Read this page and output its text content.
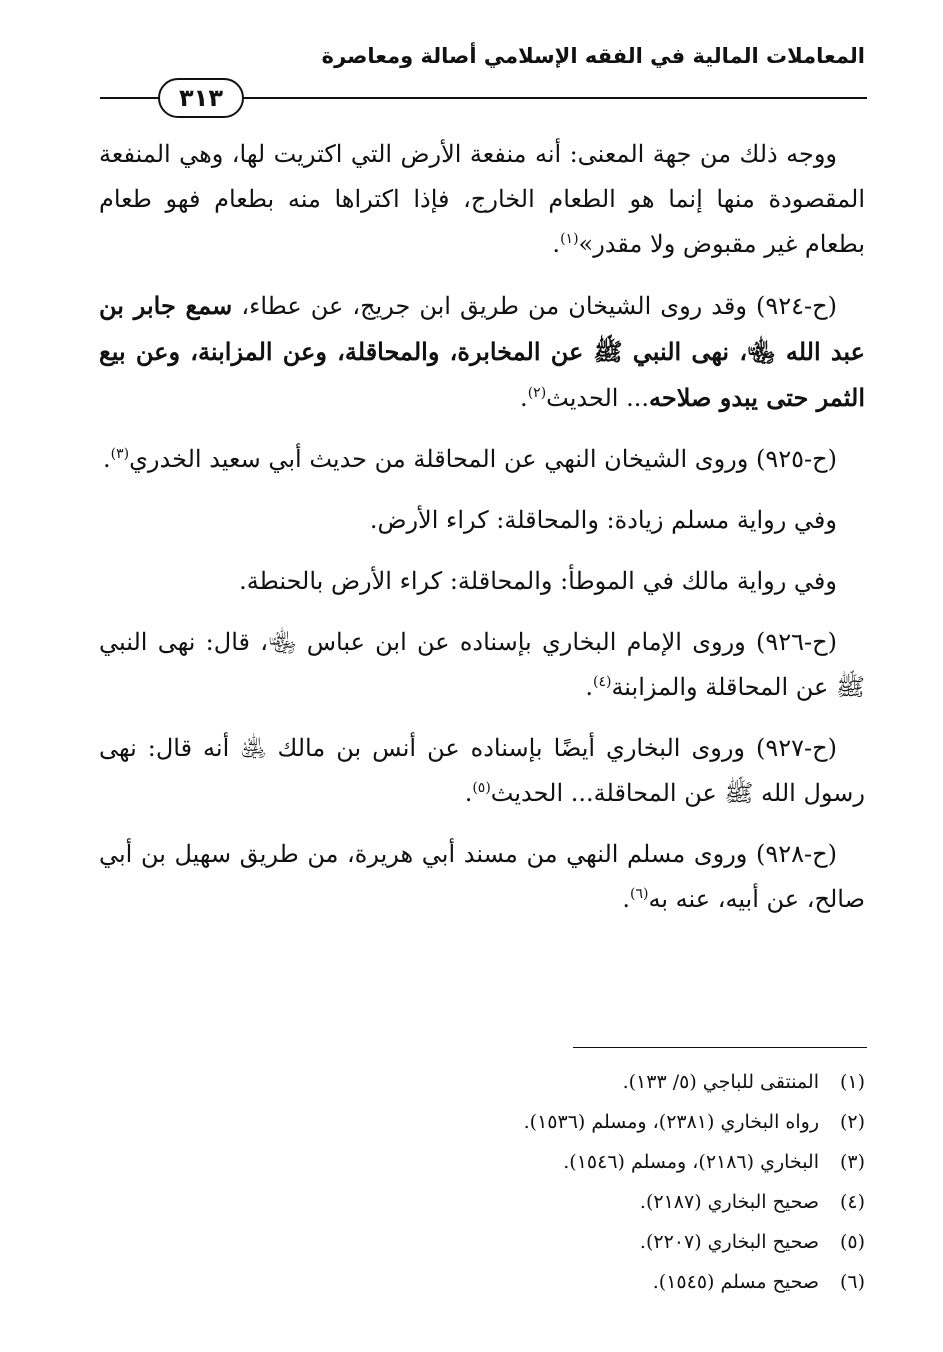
المعاملات المالية في الفقه الإسلامي أصالة ومعاصرة
٣١٣

ووجه ذلك من جهة المعنى: أنه منفعة الأرض التي اكتريت لها، وهي المنفعة المقصودة منها إنما هو الطعام الخارج، فإذا اكتراها منه بطعام فهو طعام بطعام غير مقبوض ولا مقدر»$^{(١)}$.

(ح-٩٢٤) وقد روى الشيخان من طريق ابن جريج، عن عطاء، سمع جابر بن عبد الله ﵄، نهى النبي ﷺ عن المخابرة، والمحاقلة، وعن المزابنة، وعن بيع الثمر حتى يبدو صلاحه... الحديث$^{(٢)}$.

(ح-٩٢٥) وروى الشيخان النهي عن المحاقلة من حديث أبي سعيد الخدري$^{(٣)}$.

وفي رواية مسلم زيادة: والمحاقلة: كراء الأرض.

وفي رواية مالك في الموطأ: والمحاقلة: كراء الأرض بالحنطة.

(ح-٩٢٦) وروى الإمام البخاري بإسناده عن ابن عباس ﵄، قال: نهى النبي ﷺ عن المحاقلة والمزابنة$^{(٤)}$.

(ح-٩٢٧) وروى البخاري أيضًا بإسناده عن أنس بن مالك ﵁ أنه قال: نهى رسول الله ﷺ عن المحاقلة... الحديث$^{(٥)}$.

(ح-٩٢٨) وروى مسلم النهي من مسند أبي هريرة، من طريق سهيل بن أبي صالح، عن أبيه، عنه به$^{(٦)}$.

(١)المنتقى للباجي (٥/ ١٣٣).
(٢)رواه البخاري (٢٣٨١)، ومسلم (١٥٣٦).
(٣)البخاري (٢١٨٦)، ومسلم (١٥٤٦).
(٤)صحيح البخاري (٢١٨٧).
(٥)صحيح البخاري (٢٢٠٧).
(٦)صحيح مسلم (١٥٤٥).
